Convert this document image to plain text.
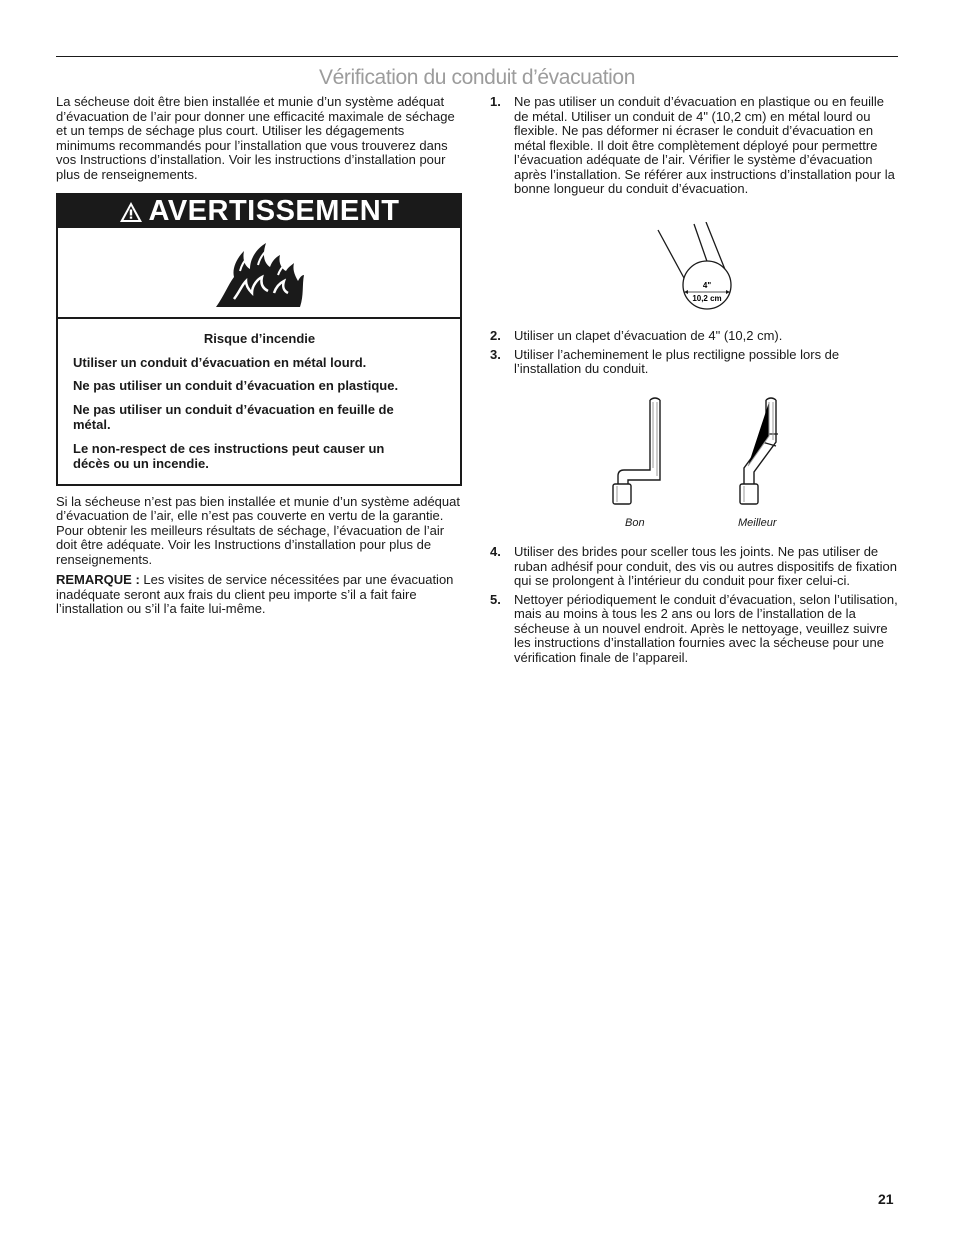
Vérification du conduit d’évacuation

La sécheuse doit être bien installée et munie d’un système adéquat d’évacuation de l’air pour donner une efficacité maximale de séchage et un temps de séchage plus court. Utiliser les dégagements minimums recommandés pour l’installation que vous trouverez dans vos Instructions d’installation. Voir les instructions d’installation pour plus de renseignements.

AVERTISSEMENT
Risque d’incendie
Utiliser un conduit d’évacuation en métal lourd.
Ne pas utiliser un conduit d’évacuation en plastique.
Ne pas utiliser un conduit d’évacuation en feuille de métal.
Le non-respect de ces instructions peut causer un décès ou un incendie.

Si la sécheuse n’est pas bien installée et munie d’un système adéquat d’évacuation de l’air, elle n’est pas couverte en vertu de la garantie. Pour obtenir les meilleurs résultats de séchage, l’évacuation de l’air doit être adéquate. Voir les Instructions d’installation pour plus de renseignements.

REMARQUE : Les visites de service nécessitées par une évacuation inadéquate seront aux frais du client peu importe s’il a fait faire l’installation ou s’il l’a faite lui-même.

1.	Ne pas utiliser un conduit d’évacuation en plastique ou en feuille de métal. Utiliser un conduit de 4" (10,2 cm) en métal lourd ou flexible. Ne pas déformer ni écraser le conduit d’évacuation en métal flexible. Il doit être complètement déployé pour permettre l’évacuation adéquate de l’air. Vérifier le système d’évacuation après l’installation. Se référer aux instructions d’installation pour la bonne longueur du conduit d’évacuation.
4"
10,2 cm
2.	Utiliser un clapet d’évacuation de 4" (10,2 cm).
3.	Utiliser l’acheminement le plus rectiligne possible lors de l’installation du conduit.
Bon	Meilleur
4.	Utiliser des brides pour sceller tous les joints. Ne pas utiliser de ruban adhésif pour conduit, des vis ou autres dispositifs de fixation qui se prolongent à l’intérieur du conduit pour fixer celui-ci.
5.	Nettoyer périodiquement le conduit d’évacuation, selon l’utilisation, mais au moins à tous les 2 ans ou lors de l’installation de la sécheuse à un nouvel endroit. Après le nettoyage, veuillez suivre les instructions d’installation fournies avec la sécheuse pour une vérification finale de l’appareil.
21
